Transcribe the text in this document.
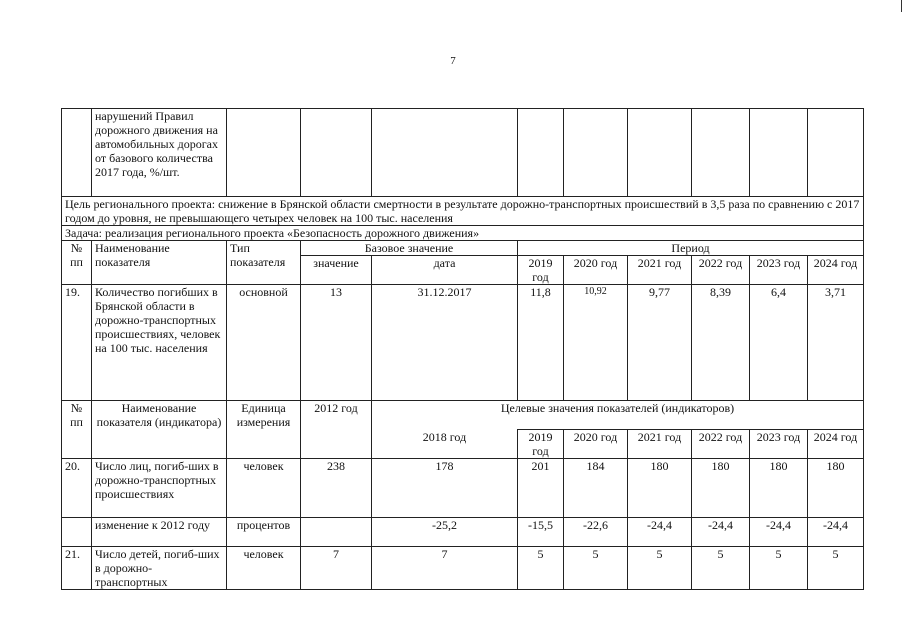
7
	нарушений Правил дорожного движения на автомобильных дорогах от базового количества 2017 года, %/шт.									
Цель регионального проекта: снижение в Брянской области смертности в результате дорожно-транспортных происшествий в 3,5 раза по сравнению с 2017 годом до уровня, не превышающего четырех человек на 100 тыс. населения										
Задача: реализация регионального проекта «Безопасность дорожного движения»										
№ пп	Наименование показателя	Тип показателя	Базовое значение		Период					
			значение	дата	2019 год	2020 год	2021 год	2022 год	2023 год	2024 год
19.	Количество погибших в Брянской области в дорожно-транспортных происшествиях, человек на 100 тыс. населения	основной	13	31.12.2017	11,8	10,92	9,77	8,39	6,4	3,71
№ пп	Наименование показателя (индикатора)	Единица измерения	2012 год	Целевые значения показателей (индикаторов)						
				2018 год	2019 год	2020 год	2021 год	2022 год	2023 год	2024 год
20.	Число лиц, погиб-ших в дорожно-транспортных происшествиях	человек	238	178	201	184	180	180	180	180
	изменение к 2012 году	процентов		-25,2	-15,5	-22,6	-24,4	-24,4	-24,4	-24,4
21.	Число детей, погиб-ших в дорожно-транспортных	человек	7	7	5	5	5	5	5	5
